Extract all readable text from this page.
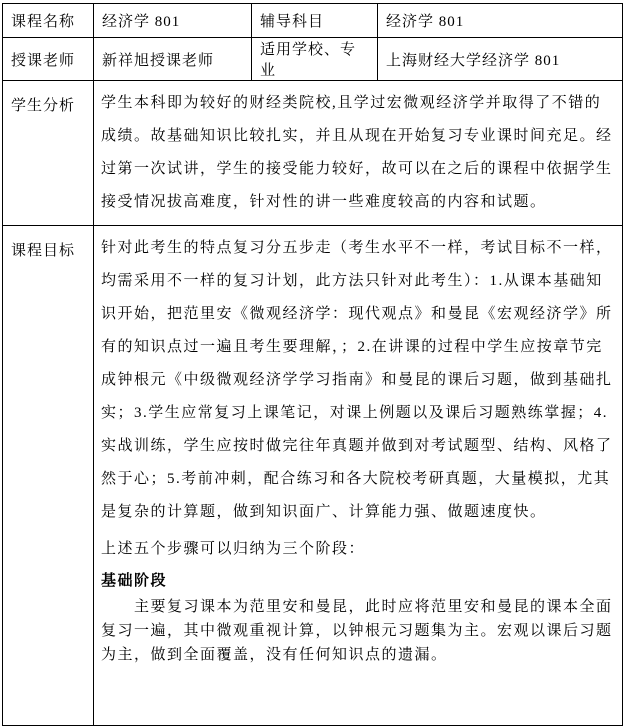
课程名称	经济学 801	辅导科目	经济学 801
授课老师	新祥旭授课老师	适用学校、专业	上海财经大学经济学 801
学生分析	学生本科即为较好的财经类院校,且学过宏微观经济学并取得了不错的成绩。故基础知识比较扎实，并且从现在开始复习专业课时间充足。经过第一次试讲，学生的接受能力较好，故可以在之后的课程中依据学生接受情况拔高难度，针对性的讲一些难度较高的内容和试题。		

课程目标	针对此考生的特点复习分五步走（考生水平不一样，考试目标不一样，均需采用不一样的复习计划，此方法只针对此考生）：1.从课本基础知识开始，把范里安《微观经济学：现代观点》和曼昆《宏观经济学》所有的知识点过一遍且考生要理解，；2.在讲课的过程中学生应按章节完成钟根元《中级微观经济学学习指南》和曼昆的课后习题，做到基础扎实；3.学生应常复习上课笔记，对课上例题以及课后习题熟练掌握；4.实战训练，学生应按时做完往年真题并做到对考试题型、结构、风格了然于心；5.考前冲刺，配合练习和各大院校考研真题，大量模拟，尤其是复杂的计算题，做到知识面广、计算能力强、做题速度快。

上述五个步骤可以归纳为三个阶段：

基础阶段

主要复习课本为范里安和曼昆，此时应将范里安和曼昆的课本全面复习一遍，其中微观重视计算，以钟根元习题集为主。宏观以课后习题为主，做到全面覆盖，没有任何知识点的遗漏。		
